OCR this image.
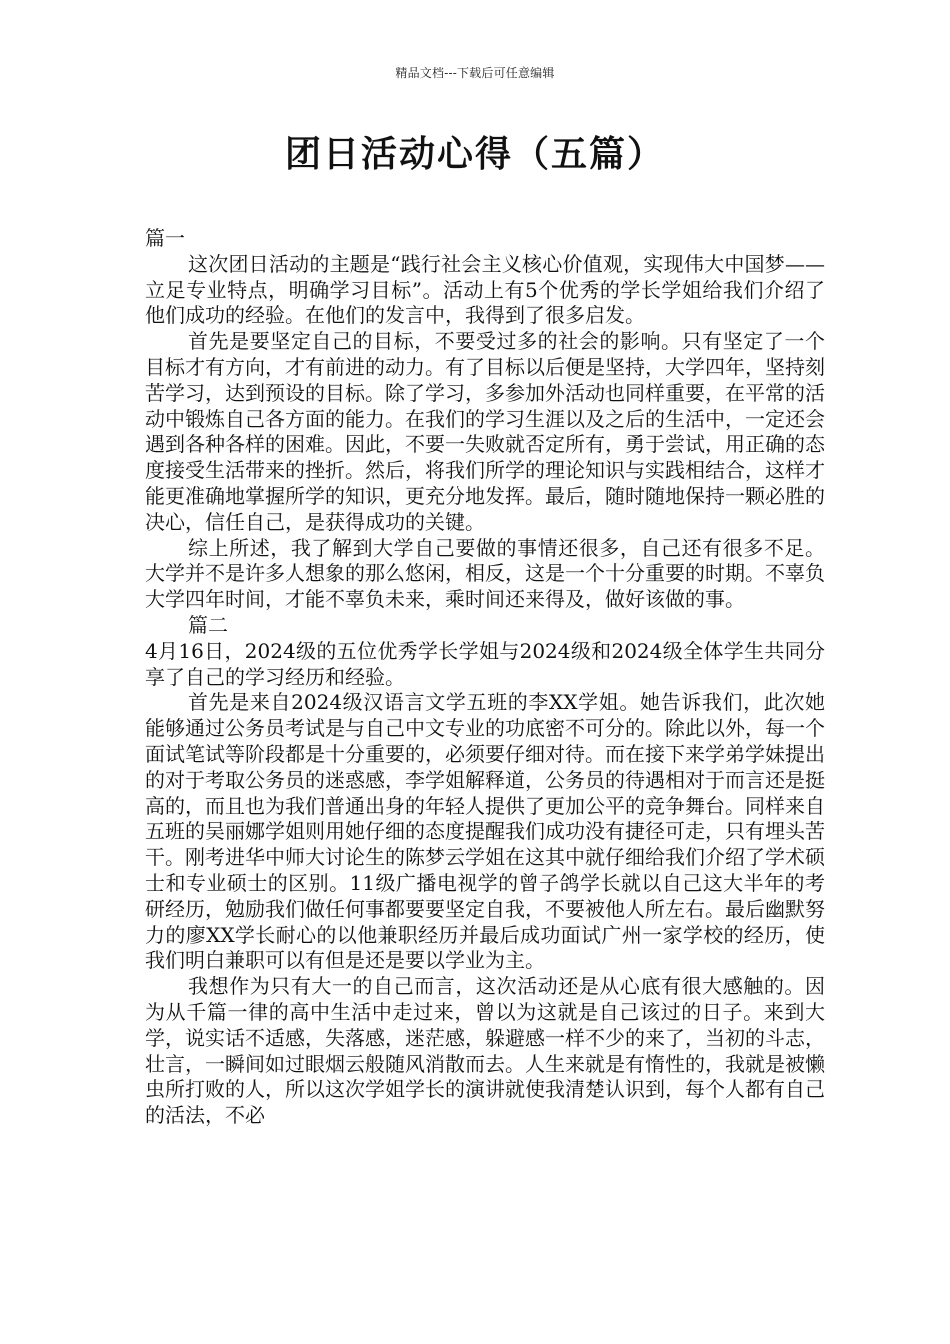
精品文档---下载后可任意编辑
团日活动心得（五篇）

篇一

这次团日活动的主题是“践行社会主义核心价值观，实现伟大中国梦——立足专业特点，明确学习目标”。活动上有5个优秀的学长学姐给我们介绍了他们成功的经验。在他们的发言中，我得到了很多启发。

首先是要坚定自己的目标，不要受过多的社会的影响。只有坚定了一个目标才有方向，才有前进的动力。有了目标以后便是坚持，大学四年，坚持刻苦学习，达到预设的目标。除了学习，多参加外活动也同样重要，在平常的活动中锻炼自己各方面的能力。在我们的学习生涯以及之后的生活中，一定还会遇到各种各样的困难。因此，不要一失败就否定所有，勇于尝试，用正确的态度接受生活带来的挫折。然后，将我们所学的理论知识与实践相结合，这样才能更准确地掌握所学的知识，更充分地发挥。最后，随时随地保持一颗必胜的决心，信任自己，是获得成功的关键。

综上所述，我了解到大学自己要做的事情还很多，自己还有很多不足。大学并不是许多人想象的那么悠闲，相反，这是一个十分重要的时期。不辜负大学四年时间，才能不辜负未来，乘时间还来得及，做好该做的事。

篇二

4月16日，2024级的五位优秀学长学姐与2024级和2024级全体学生共同分享了自己的学习经历和经验。

首先是来自2024级汉语言文学五班的李XX学姐。她告诉我们，此次她能够通过公务员考试是与自己中文专业的功底密不可分的。除此以外，每一个面试笔试等阶段都是十分重要的，必须要仔细对待。而在接下来学弟学妹提出的对于考取公务员的迷惑感，李学姐解释道，公务员的待遇相对于而言还是挺高的，而且也为我们普通出身的年轻人提供了更加公平的竞争舞台。同样来自五班的吴丽娜学姐则用她仔细的态度提醒我们成功没有捷径可走，只有埋头苦干。刚考进华中师大讨论生的陈梦云学姐在这其中就仔细给我们介绍了学术硕士和专业硕士的区别。11级广播电视学的曾子鸽学长就以自己这大半年的考研经历，勉励我们做任何事都要要坚定自我，不要被他人所左右。最后幽默努力的廖XX学长耐心的以他兼职经历并最后成功面试广州一家学校的经历，使我们明白兼职可以有但是还是要以学业为主。

我想作为只有大一的自己而言，这次活动还是从心底有很大感触的。因为从千篇一律的高中生活中走过来，曾以为这就是自己该过的日子。来到大学，说实话不适感，失落感，迷茫感，躲避感一样不少的来了，当初的斗志，壮言，一瞬间如过眼烟云般随风消散而去。人生来就是有惰性的，我就是被懒虫所打败的人，所以这次学姐学长的演讲就使我清楚认识到，每个人都有自己的活法，不必
